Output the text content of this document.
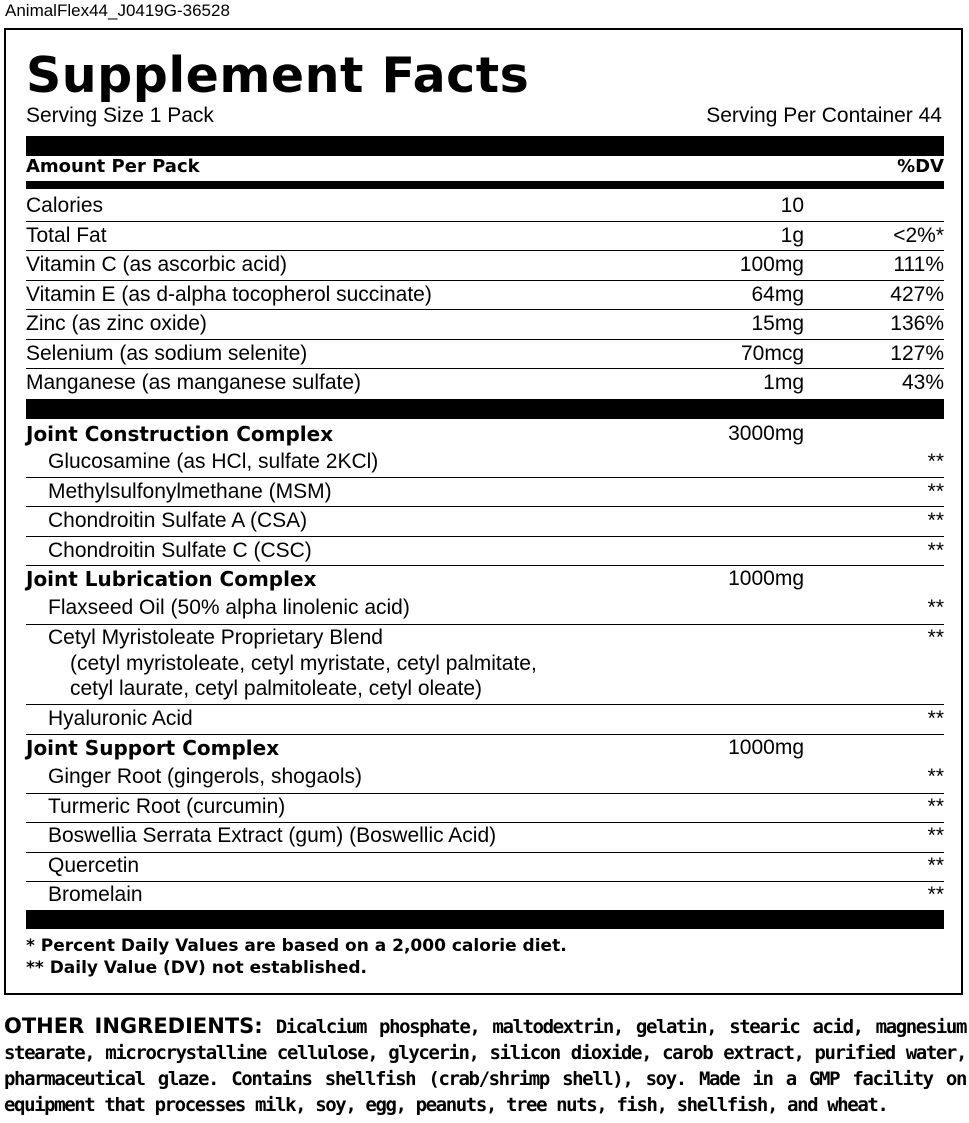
AnimalFlex44_J0419G-36528
Supplement Facts
Serving Size 1 Pack	Serving Per Container 44
Amount Per Pack	%DV
Calories	10
Total Fat	1g	<2%*
Vitamin C (as ascorbic acid)	100mg	111%
Vitamin E (as d-alpha tocopherol succinate)	64mg	427%
Zinc (as zinc oxide)	15mg	136%
Selenium (as sodium selenite)	70mcg	127%
Manganese (as manganese sulfate)	1mg	43%
Joint Construction Complex	3000mg
Glucosamine (as HCl, sulfate 2KCl)	**
Methylsulfonylmethane (MSM)	**
Chondroitin Sulfate A (CSA)	**
Chondroitin Sulfate C (CSC)	**
Joint Lubrication Complex	1000mg
Flaxseed Oil (50% alpha linolenic acid)	**
Cetyl Myristoleate Proprietary Blend	**
(cetyl myristoleate, cetyl myristate, cetyl palmitate,
cetyl laurate, cetyl palmitoleate, cetyl oleate)
Hyaluronic Acid	**
Joint Support Complex	1000mg
Ginger Root (gingerols, shogaols)	**
Turmeric Root (curcumin)	**
Boswellia Serrata Extract (gum) (Boswellic Acid)	**
Quercetin	**
Bromelain	**
* Percent Daily Values are based on a 2,000 calorie diet.
** Daily Value (DV) not established.
OTHER INGREDIENTS: Dicalcium phosphate, maltodextrin, gelatin, stearic acid, magnesium stearate, microcrystalline cellulose, glycerin, silicon dioxide, carob extract, purified water, pharmaceutical glaze. Contains shellfish (crab/shrimp shell), soy. Made in a GMP facility on equipment that processes milk, soy, egg, peanuts, tree nuts, fish, shellfish, and wheat.
